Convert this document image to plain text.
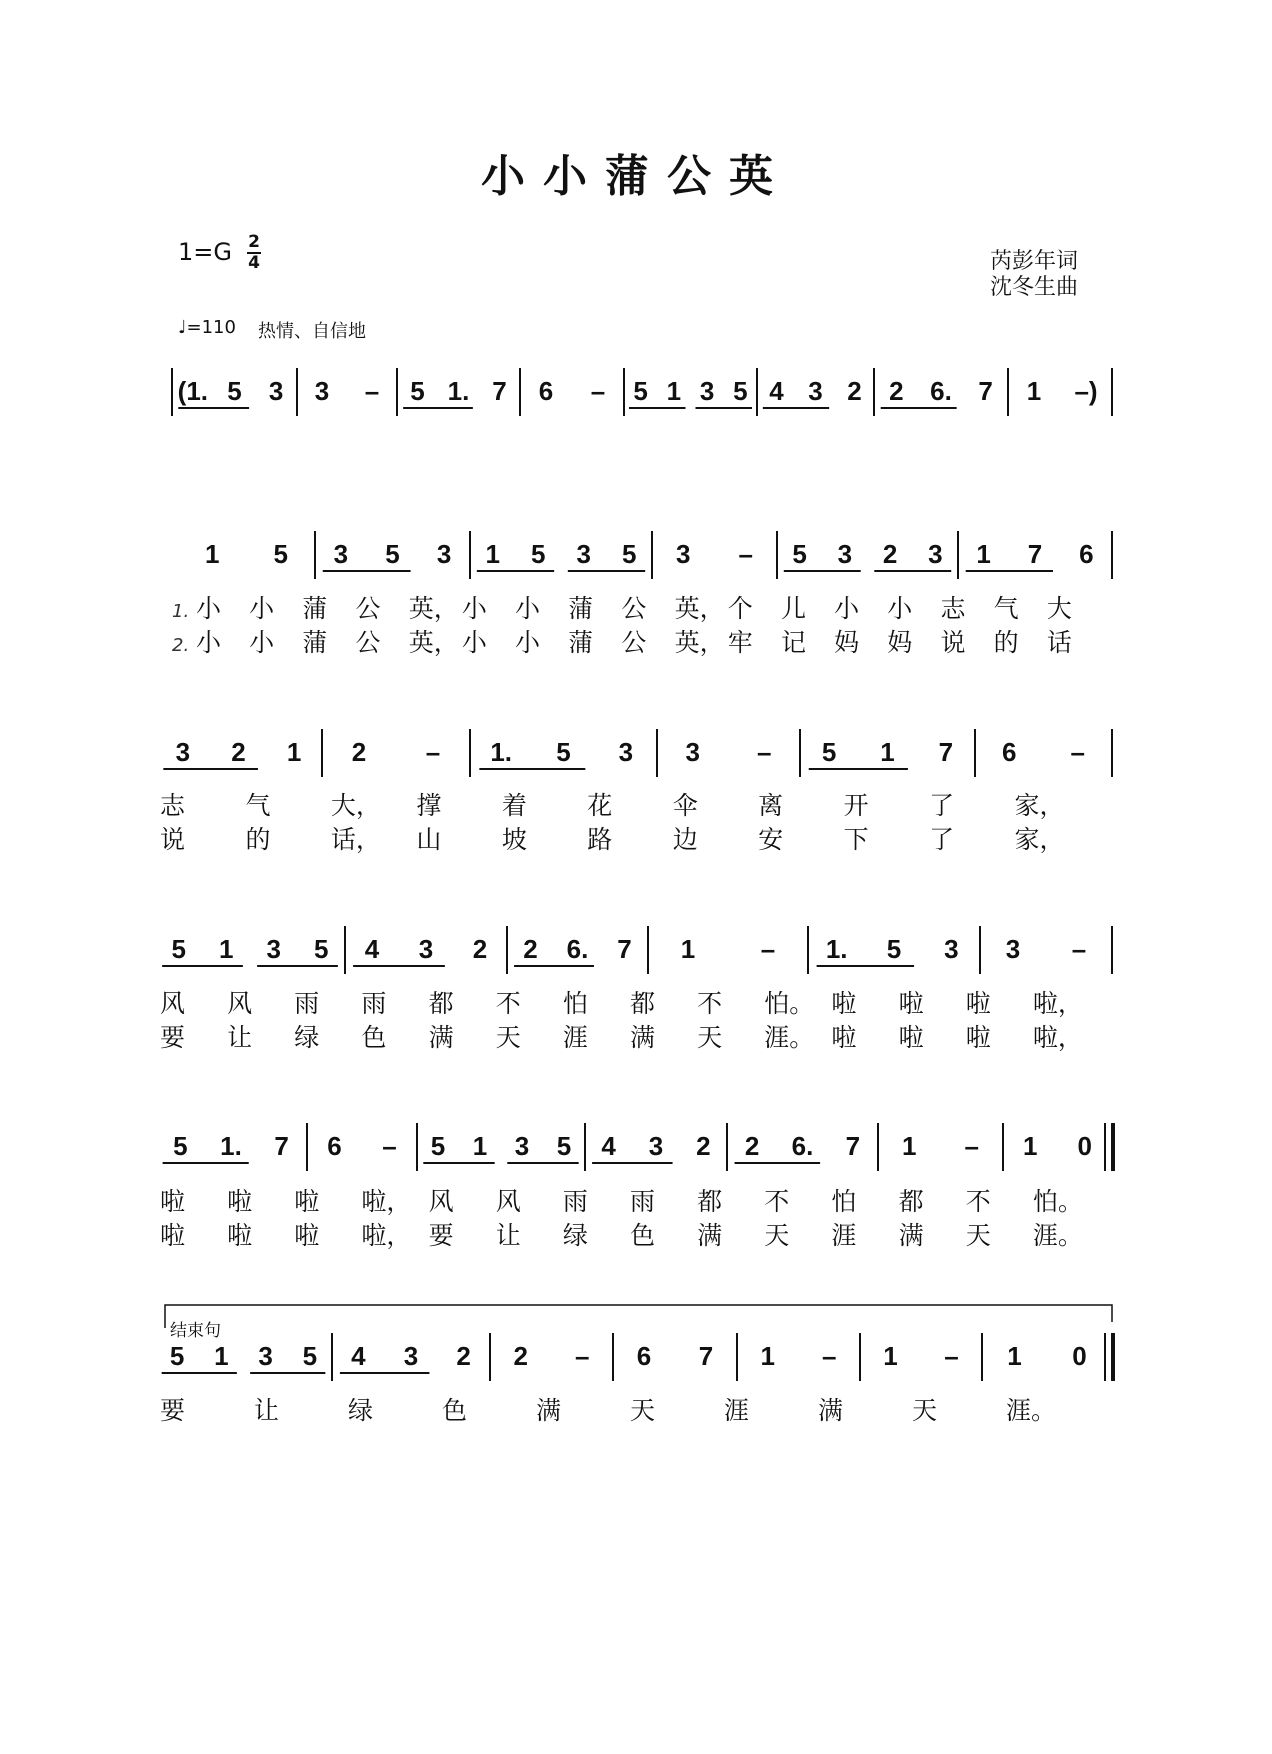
小小蒲公英
1=G 2
4	芮彭年词
沈冬生曲
♩=110 热情、自信地
结束句
(1. 5 3 3 – 5 1. 7 6 – 5 1 3 5 4 3 2 2 6. 7 1 –)
1 5 3 5 3 1 5 3 5 3 – 5 3 2 3 1 7 6
1. 小 小 蒲 公 英， 小 小 蒲 公 英， 个 儿 小 小 志 气 大
2. 小 小 蒲 公 英， 小 小 蒲 公 英， 牢 记 妈 妈 说 的 话
3 2 1 2 – 1. 5 3 3 – 5 1 7 6 –
志 气 大， 撑 着 花 伞 离 开 了 家，
说 的 话， 山 坡 路 边 安 下 了 家，
5 1 3 5 4 3 2 2 6. 7 1	– 1. 5 3 3 –
风 风 雨 雨 都 不 怕 都 不 怕。 啦 啦 啦 啦，
要 让 绿 色 满 天 涯 满 天 涯。 啦 啦 啦 啦，
5 1. 7 6 – 5 1 3 5 4 3 2 2 6. 7 1 – 1 0
啦 啦 啦 啦， 风 风 雨 雨 都 不 怕 都 不 怕。
啦 啦 啦 啦， 要 让 绿 色 满 天 涯 满 天 涯。
5 1 3 5 4 3 2 2 – 6 7 1 – 1 – 1 0
要	让	绿	色	满	天	涯	满	天	涯。
